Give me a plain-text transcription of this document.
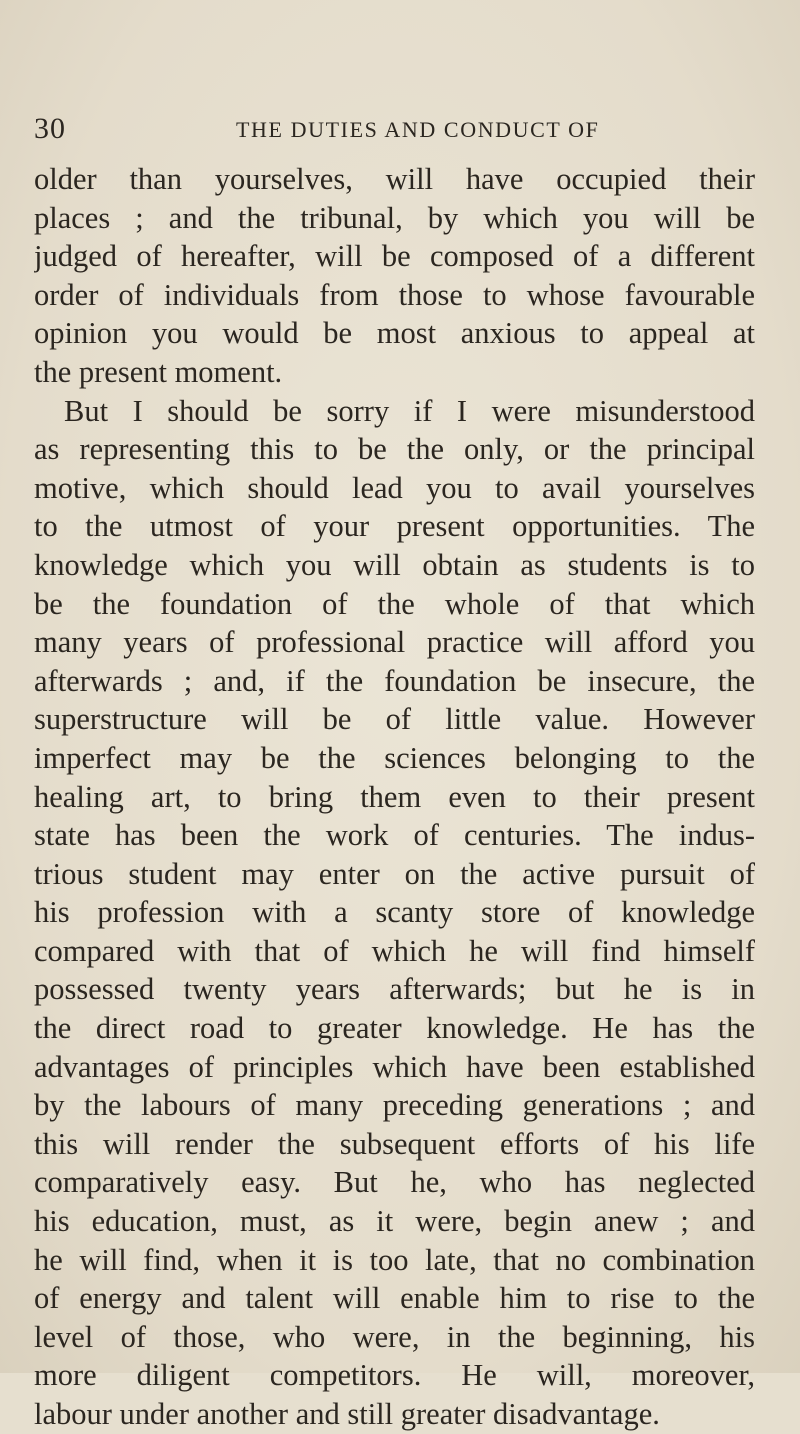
30	THE DUTIES AND CONDUCT OF
older than yourselves, will have occupied their
places ; and the tribunal, by which you will be
judged of hereafter, will be composed of a different
order of individuals from those to whose favourable
opinion you would be most anxious to appeal at
the present moment.
But I should be sorry if I were misunderstood
as representing this to be the only, or the principal
motive, which should lead you to avail yourselves
to the utmost of your present opportunities. The
knowledge which you will obtain as students is to
be the foundation of the whole of that which
many years of professional practice will afford you
afterwards ; and, if the foundation be insecure, the
superstructure will be of little value. However
imperfect may be the sciences belonging to the
healing art, to bring them even to their present
state has been the work of centuries. The indus-
trious student may enter on the active pursuit of
his profession with a scanty store of knowledge
compared with that of which he will find himself
possessed twenty years afterwards; but he is in
the direct road to greater knowledge. He has the
advantages of principles which have been established
by the labours of many preceding generations ; and
this will render the subsequent efforts of his life
comparatively easy. But he, who has neglected
his education, must, as it were, begin anew ; and
he will find, when it is too late, that no combination
of energy and talent will enable him to rise to the
level of those, who were, in the beginning, his
more diligent competitors. He will, moreover,
labour under another and still greater disadvantage.
